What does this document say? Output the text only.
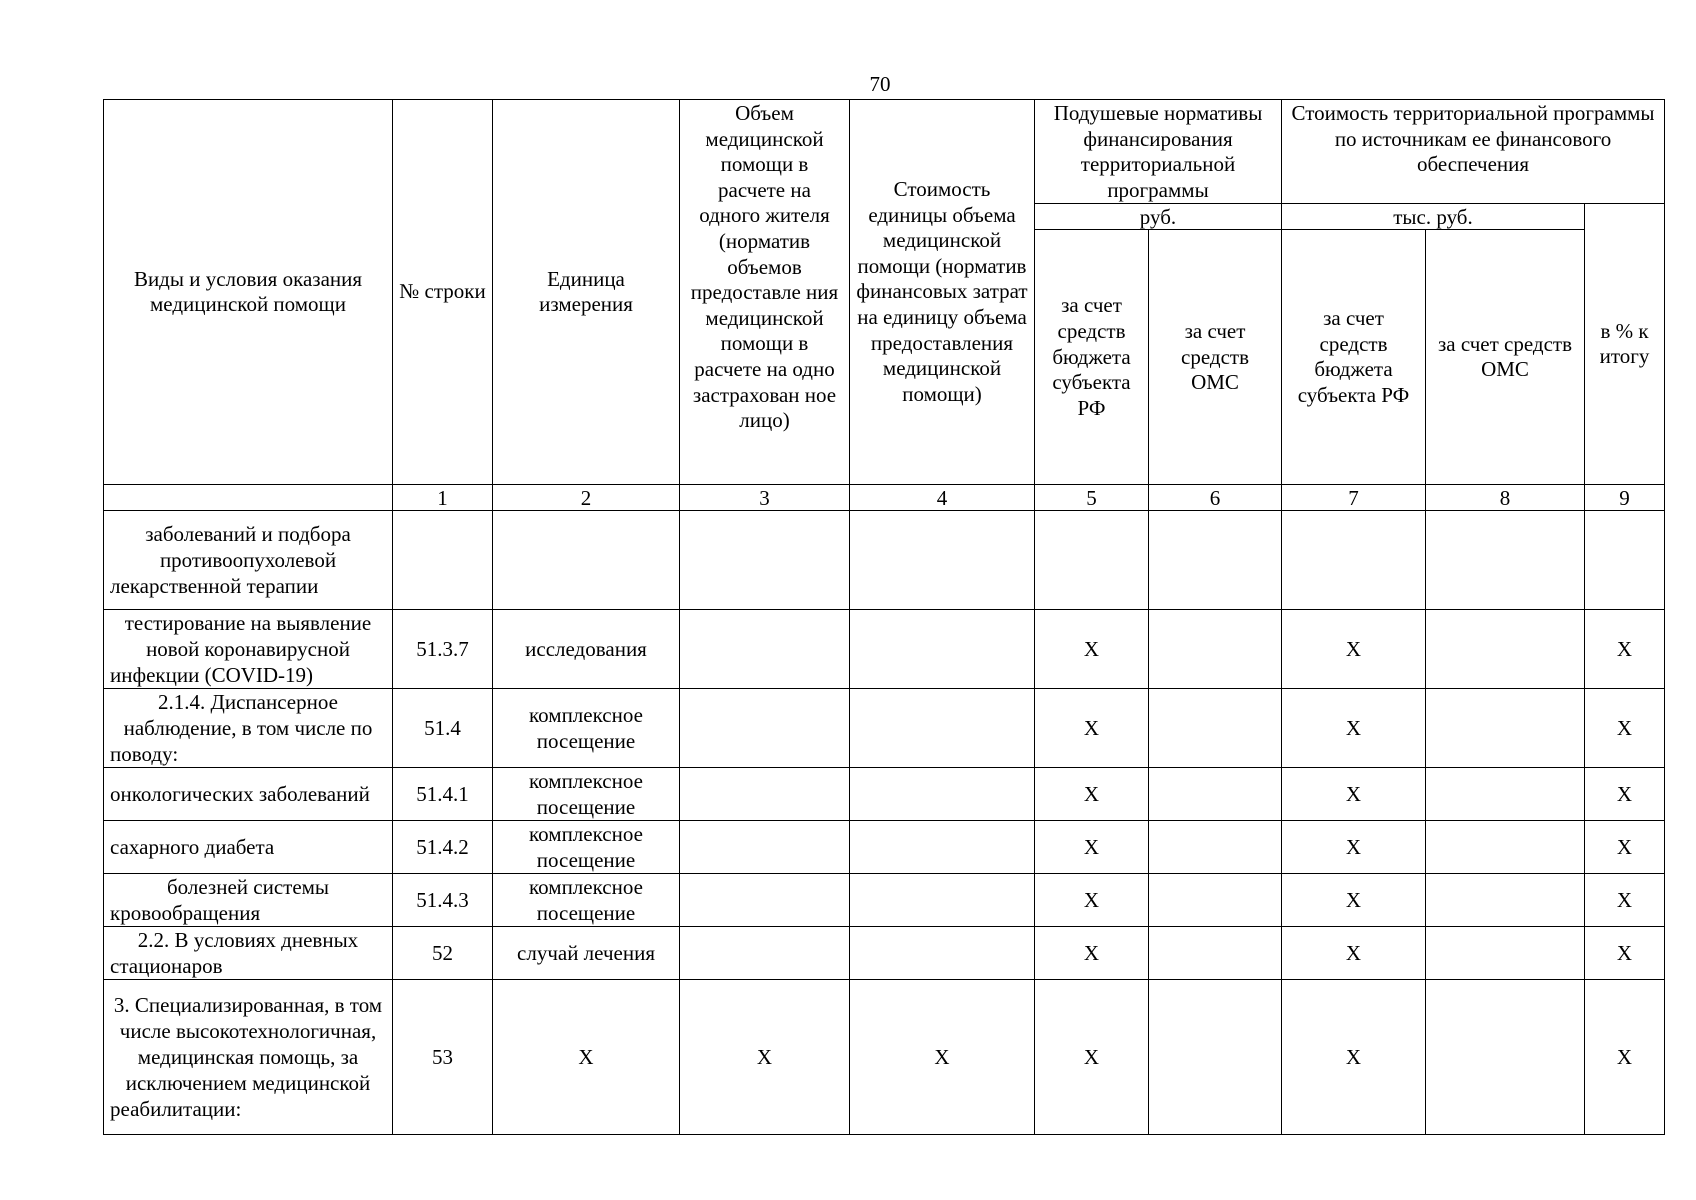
70
Виды и условия оказания медицинской помощи	№ строки	Единица измерения	Объем медицинской помощи в расчете на одного жителя (норматив объемов предоставле ния медицинской помощи в расчете на одно застрахован ное лицо)	Стоимость единицы объема медицинской помощи (норматив финансовых затрат на единицу объема предоставления медицинской помощи)	Подушевые нормативы финансирования территориальной программы		Стоимость территориальной программы по источникам ее финансового обеспечения		
					руб.		тыс. руб.		в % к итогу
					за счет средств бюджета субъекта РФ	за счет средств ОМС	за счет средств бюджета субъекта РФ	за счет средств ОМС	

	1	2	3	4	5	6	7	8	9
заболеваний и подбора противоопухолевой лекарственной терапии									
тестирование на выявление новой коронавирусной инфекции (COVID-19)	51.3.7	исследования			X		X		X
2.1.4. Диспансерное наблюдение, в том числе по поводу:	51.4	комплексное посещение			X		X		X
онкологических заболеваний	51.4.1	комплексное посещение			X		X		X
сахарного диабета	51.4.2	комплексное посещение			X		X		X
болезней системы кровообращения	51.4.3	комплексное посещение			X		X		X
2.2. В условиях дневных стационаров	52	случай лечения			X		X		X
3. Специализированная, в том числе высокотехнологичная, медицинская помощь, за исключением медицинской реабилитации:	53	X	X	X	X		X		X
